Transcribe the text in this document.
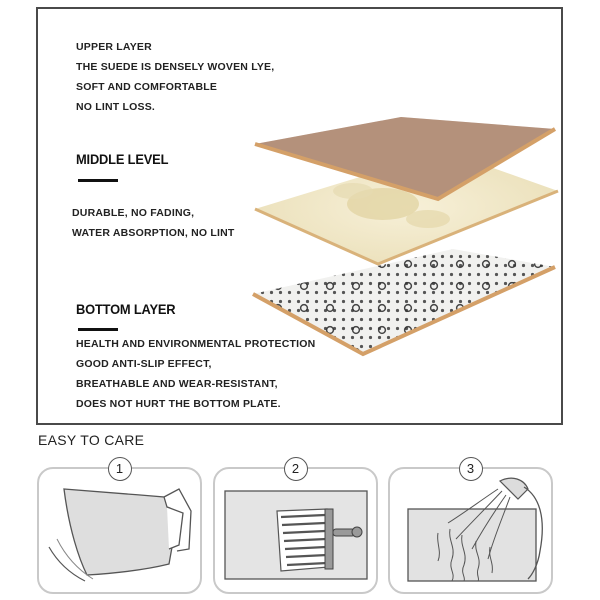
UPPER LAYER
THE SUEDE IS DENSELY WOVEN LYE,
SOFT AND COMFORTABLE
NO LINT LOSS.
MIDDLE LEVEL
DURABLE, NO FADING,
WATER ABSORPTION, NO LINT
BOTTOM LAYER
HEALTH AND ENVIRONMENTAL PROTECTION
GOOD ANTI-SLIP EFFECT,
BREATHABLE AND WEAR-RESISTANT,
DOES NOT HURT THE BOTTOM PLATE.
EASY TO CARE
1	2	3
